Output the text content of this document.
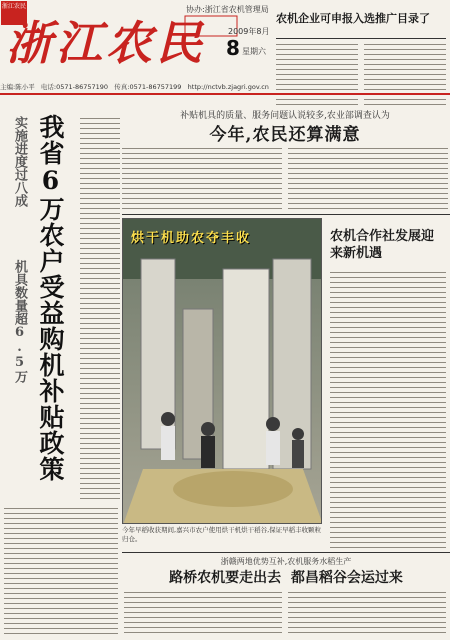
浙江农民
浙江农民
协办:浙江省农机管理局
2009年8月
8 星期六
农机企业可申报入选推广目录了
主编:陈小平 电话:0571-86757190 传真:0571-86757199 http://nctvb.zjagri.gov.cn
补贴机具的质量、服务问题认说较多,农业部调查认为
今年,农民还算满意
实施进度过八成
机具数量超6.5万 我省6万农户受益购机补贴政策	烘干机助农夺丰收
今年早稻收获期间,嘉兴市农户使用烘干机烘干稻谷,保证早稻丰收颗粒归仓。
农机合作社发展迎来新机遇
浙赣两地优势互补,农机服务水稻生产
路桥农机要走出去  都昌稻谷会运过来
